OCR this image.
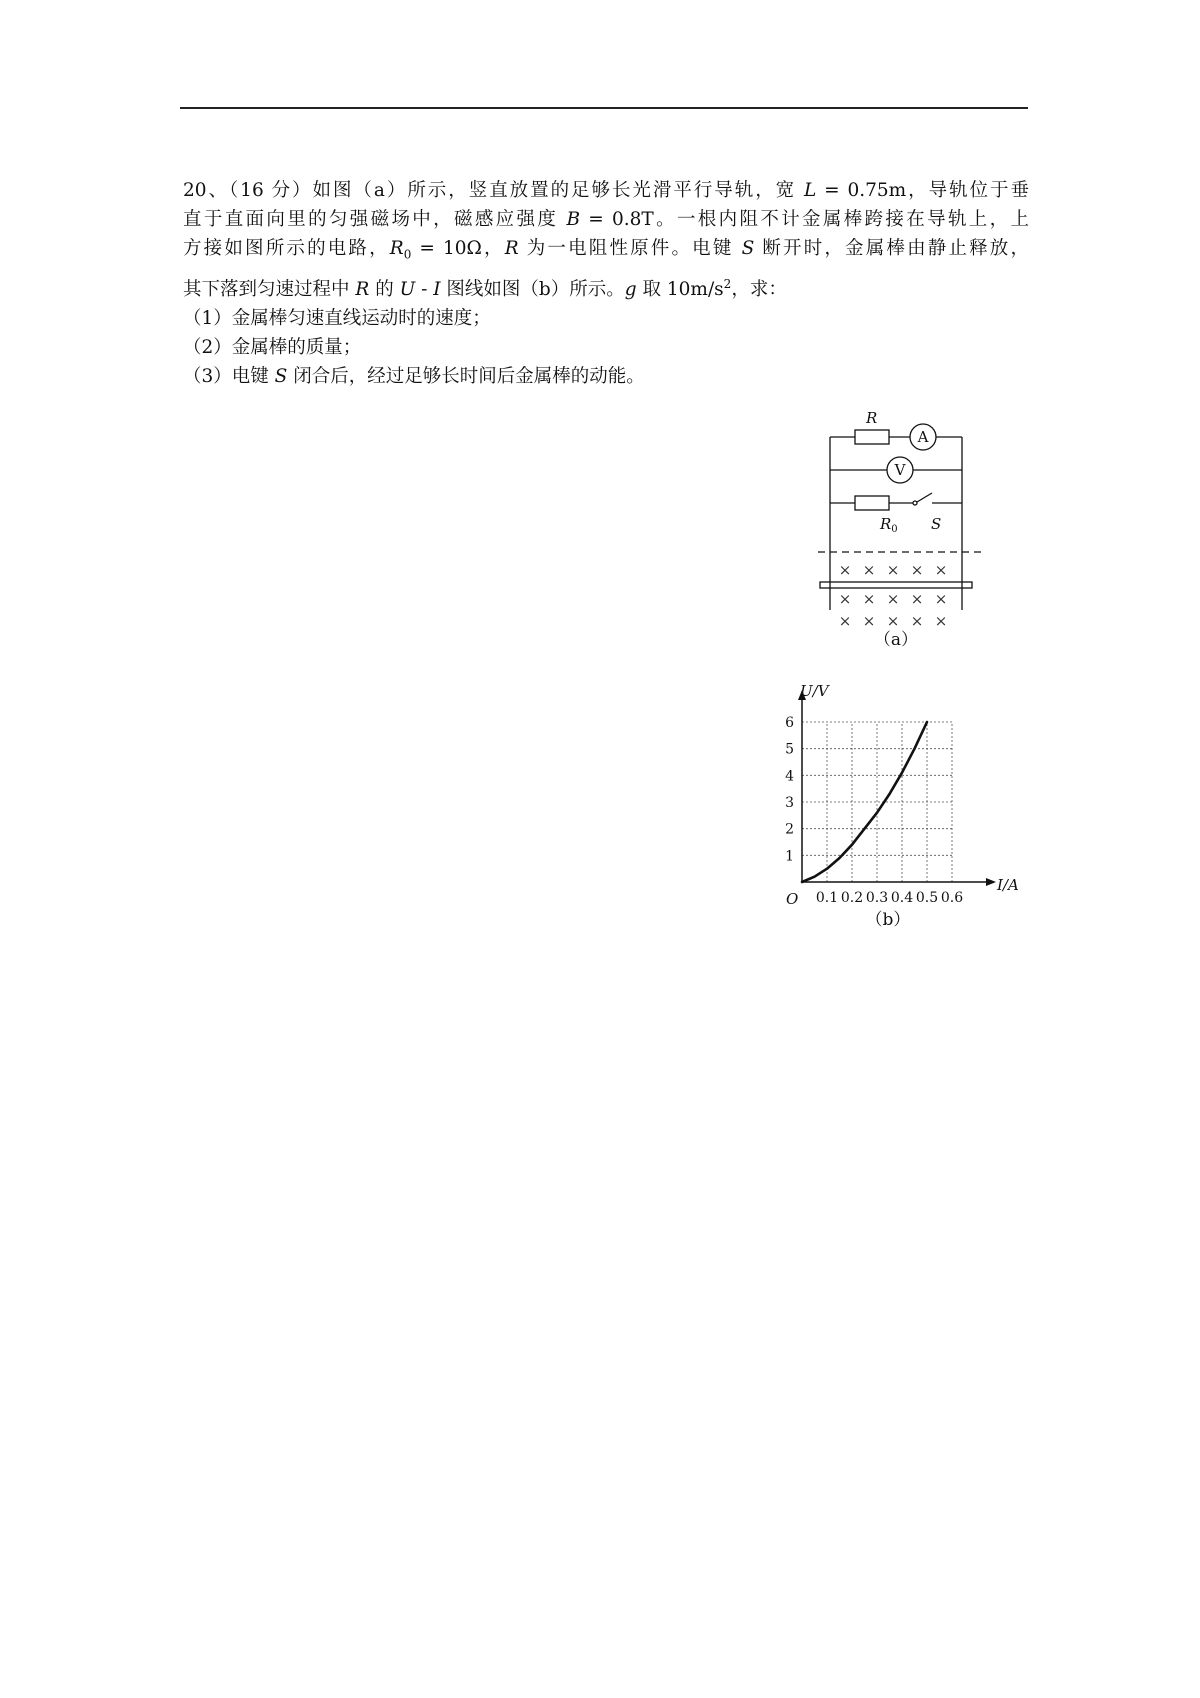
20、（16 分）如图（a）所示，竖直放置的足够长光滑平行导轨，宽 L = 0.75m，导轨位于垂

直于直面向里的匀强磁场中，磁感应强度 B = 0.8T。一根内阻不计金属棒跨接在导轨上，上

方接如图所示的电路，$R_0 = 10\Omega$，R 为一电阻性原件。电键 S 断开时，金属棒由静止释放，

其下落到匀速过程中 R 的 U - I 图线如图（b）所示。g 取 $10m/s^2$，求：

（1）金属棒匀速直线运动时的速度；

（2）金属棒的质量；

（3）电键 S 闭合后，经过足够长时间后金属棒的动能。

R
$R_0$ S
A
V
× × × × ×
× × × × ×
× × × × ×
（a）
0.1 0.2 0.3 0.4 0.5 0.6
1
2
3
4
5
6
U/V
I/A
O
（b）
